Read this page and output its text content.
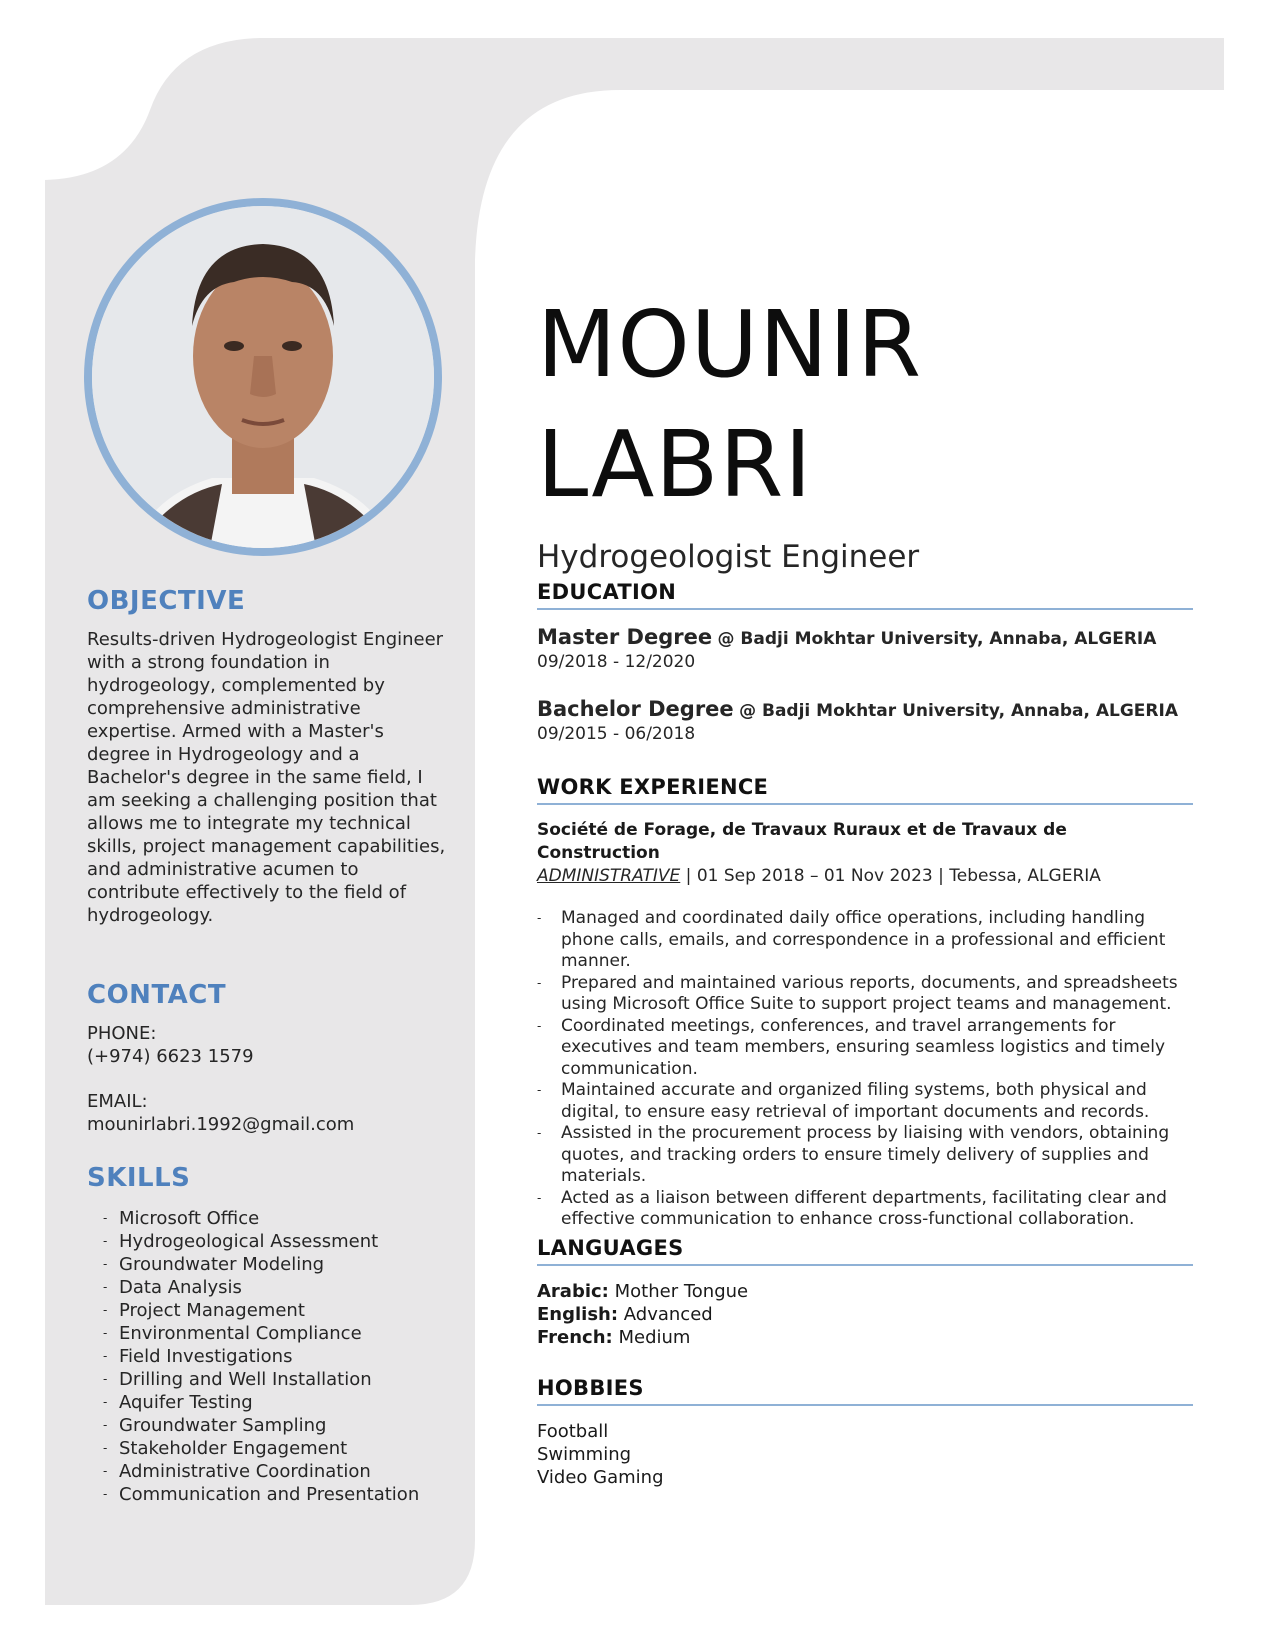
OBJECTIVE
Results-driven Hydrogeologist Engineer with a strong foundation in hydrogeology, complemented by comprehensive administrative expertise. Armed with a Master's degree in Hydrogeology and a Bachelor's degree in the same field, I am seeking a challenging position that allows me to integrate my technical skills, project management capabilities, and administrative acumen to contribute effectively to the field of hydrogeology.
CONTACT
PHONE:
(+974) 6623 1579
EMAIL:
mounirlabri.1992@gmail.com
SKILLS
- Microsoft Office
- Hydrogeological Assessment
- Groundwater Modeling
- Data Analysis
- Project Management
- Environmental Compliance
- Field Investigations
- Drilling and Well Installation
- Aquifer Testing
- Groundwater Sampling
- Stakeholder Engagement
- Administrative Coordination
- Communication and Presentation
MOUNIR
LABRI
Hydrogeologist Engineer
EDUCATION
Master Degree @ Badji Mokhtar University, Annaba, ALGERIA
09/2018 - 12/2020
Bachelor Degree @ Badji Mokhtar University, Annaba, ALGERIA
09/2015 - 06/2018
WORK EXPERIENCE
Société de Forage, de Travaux Ruraux et de Travaux de Construction
ADMINISTRATIVE | 01 Sep 2018 – 01 Nov 2023 | Tebessa, ALGERIA
- Managed and coordinated daily office operations, including handling phone calls, emails, and correspondence in a professional and efficient manner.
- Prepared and maintained various reports, documents, and spreadsheets using Microsoft Office Suite to support project teams and management.
- Coordinated meetings, conferences, and travel arrangements for executives and team members, ensuring seamless logistics and timely communication.
- Maintained accurate and organized filing systems, both physical and digital, to ensure easy retrieval of important documents and records.
- Assisted in the procurement process by liaising with vendors, obtaining quotes, and tracking orders to ensure timely delivery of supplies and materials.
- Acted as a liaison between different departments, facilitating clear and effective communication to enhance cross-functional collaboration.
LANGUAGES
Arabic: Mother Tongue
English: Advanced
French: Medium
HOBBIES
Football
Swimming
Video Gaming
